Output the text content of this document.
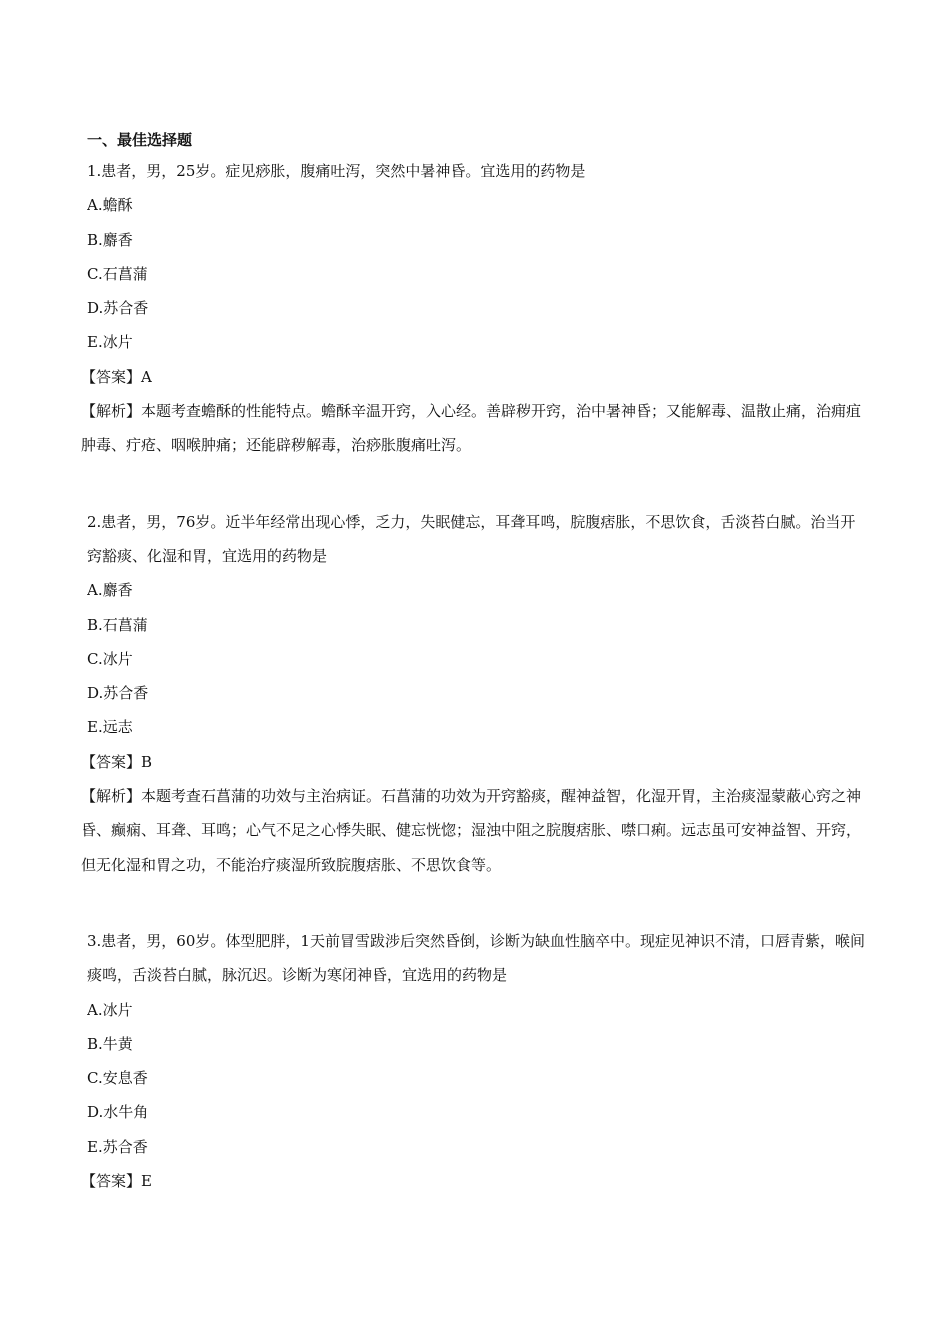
一、最佳选择题
1.患者，男，25岁。症见痧胀，腹痛吐泻，突然中暑神昏。宜选用的药物是
A.蟾酥
B.麝香
C.石菖蒲
D.苏合香
E.冰片
【答案】A
【解析】本题考查蟾酥的性能特点。蟾酥辛温开窍，入心经。善辟秽开窍，治中暑神昏；又能解毒、温散止痛，治痈疽肿毒、疔疮、咽喉肿痛；还能辟秽解毒，治痧胀腹痛吐泻。
2.患者，男，76岁。近半年经常出现心悸，乏力，失眠健忘，耳聋耳鸣，脘腹痞胀，不思饮食，舌淡苔白腻。治当开窍豁痰、化湿和胃，宜选用的药物是
A.麝香
B.石菖蒲
C.冰片
D.苏合香
E.远志
【答案】B
【解析】本题考查石菖蒲的功效与主治病证。石菖蒲的功效为开窍豁痰，醒神益智，化湿开胃，主治痰湿蒙蔽心窍之神昏、癫痫、耳聋、耳鸣；心气不足之心悸失眠、健忘恍惚；湿浊中阻之脘腹痞胀、噤口痢。远志虽可安神益智、开窍，但无化湿和胃之功，不能治疗痰湿所致脘腹痞胀、不思饮食等。
3.患者，男，60岁。体型肥胖，1天前冒雪跋涉后突然昏倒，诊断为缺血性脑卒中。现症见神识不清，口唇青紫，喉间痰鸣，舌淡苔白腻，脉沉迟。诊断为寒闭神昏，宜选用的药物是
A.冰片
B.牛黄
C.安息香
D.水牛角
E.苏合香
【答案】E
